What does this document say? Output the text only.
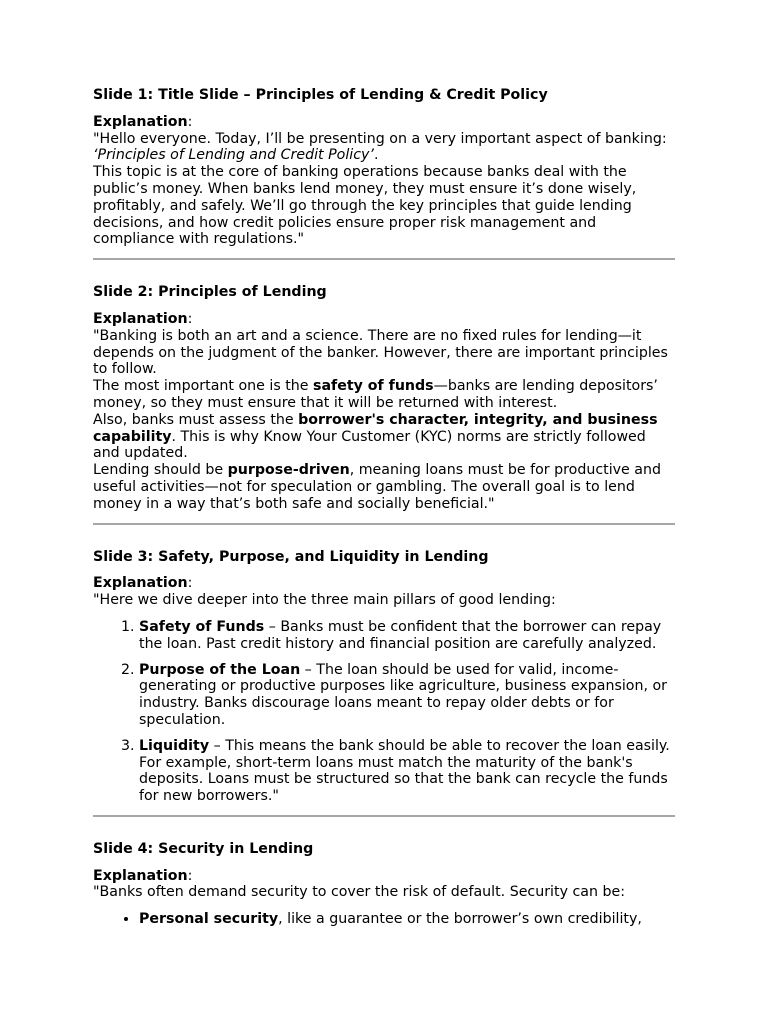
Slide 1: Title Slide – Principles of Lending & Credit Policy

Explanation:

"Hello everyone. Today, I’ll be presenting on a very important aspect of banking:

‘Principles of Lending and Credit Policy’.

This topic is at the core of banking operations because banks deal with the public’s money. When banks lend money, they must ensure it’s done wisely, profitably, and safely. We’ll go through the key principles that guide lending decisions, and how credit policies ensure proper risk management and compliance with regulations."

Slide 2: Principles of Lending

Explanation:

"Banking is both an art and a science. There are no fixed rules for lending—it depends on the judgment of the banker. However, there are important principles to follow.

The most important one is the safety of funds—banks are lending depositors’ money, so they must ensure that it will be returned with interest.

Also, banks must assess the borrower's character, integrity, and business capability. This is why Know Your Customer (KYC) norms are strictly followed and updated.

Lending should be purpose-driven, meaning loans must be for productive and useful activities—not for speculation or gambling. The overall goal is to lend money in a way that’s both safe and socially beneficial."

Slide 3: Safety, Purpose, and Liquidity in Lending

Explanation:

"Here we dive deeper into the three main pillars of good lending:

1. Safety of Funds – Banks must be confident that the borrower can repay the loan. Past credit history and financial position are carefully analyzed.
2. Purpose of the Loan – The loan should be used for valid, income-generating or productive purposes like agriculture, business expansion, or industry. Banks discourage loans meant to repay older debts or for speculation.
3. Liquidity – This means the bank should be able to recover the loan easily. For example, short-term loans must match the maturity of the bank's deposits. Loans must be structured so that the bank can recycle the funds for new borrowers."
Slide 4: Security in Lending

Explanation:

"Banks often demand security to cover the risk of default. Security can be:

• Personal security, like a guarantee or the borrower’s own credibility,
